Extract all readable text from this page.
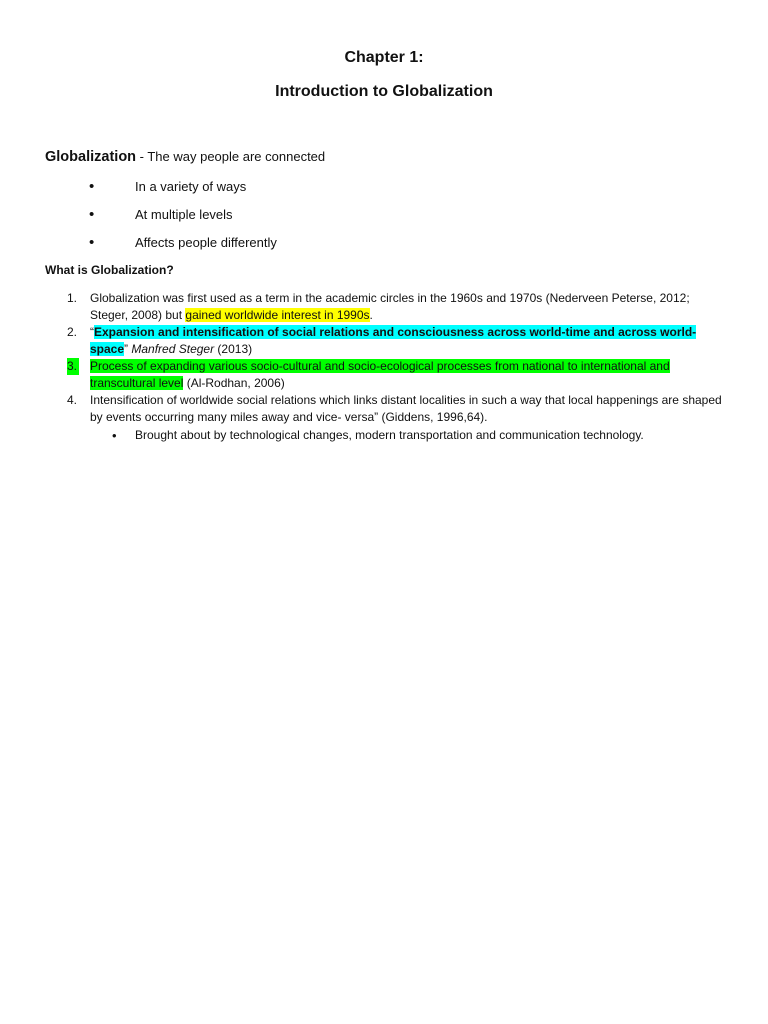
Chapter 1:
Introduction to Globalization

Globalization - The way people are connected

•	In a variety of ways
•	At multiple levels
•	Affects people differently

What is Globalization?

1. Globalization was first used as a term in the academic circles in the 1960s and 1970s (Nederveen Peterse, 2012; Steger, 2008) but gained worldwide interest in 1990s.
2. “Expansion and intensification of social relations and consciousness across world-time and across world-space” Manfred Steger (2013)
3. Process of expanding various socio-cultural and socio-ecological processes from national to international and transcultural level (Al-Rodhan, 2006)
4. Intensification of worldwide social relations which links distant localities in such a way that local happenings are shaped by events occurring many miles away and vice- versa” (Giddens, 1996,64).
• Brought about by technological changes, modern transportation and communication technology.
